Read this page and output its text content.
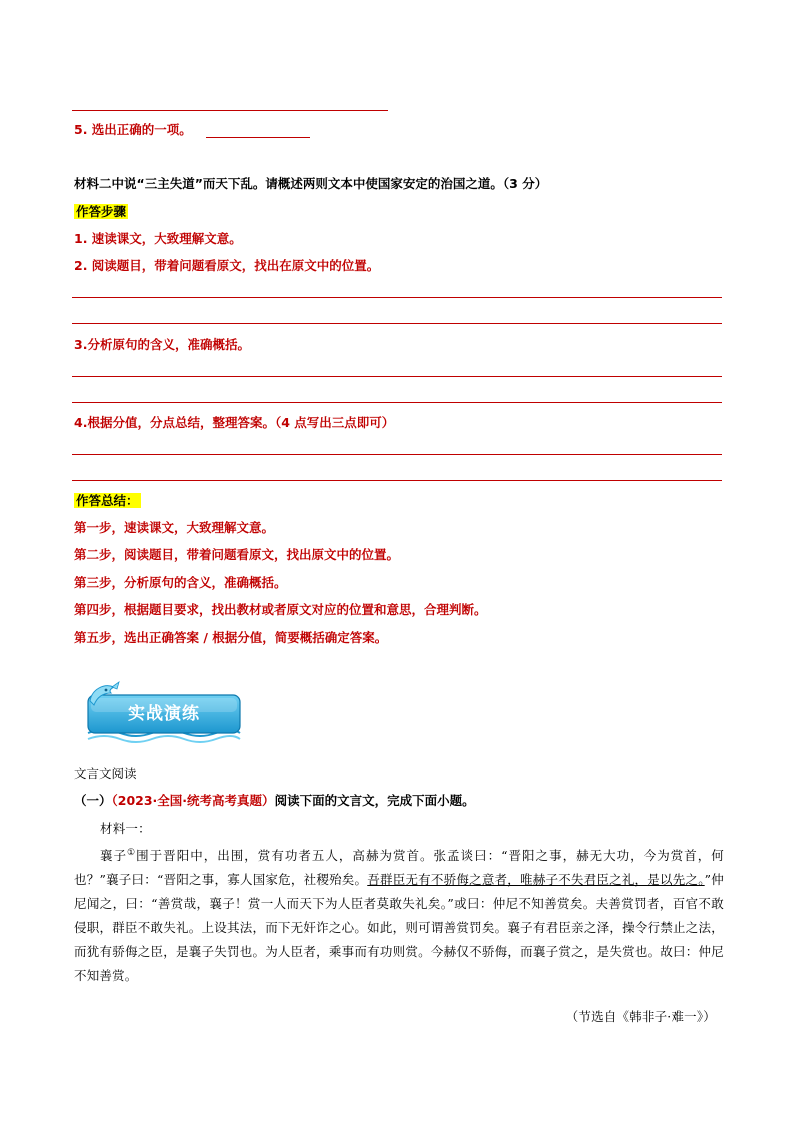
5. 选出正确的一项。
材料二中说“三主失道”而天下乱。请概述两则文本中使国家安定的治国之道。（3 分）
作答步骤
1. 速读课文，大致理解文意。
2. 阅读题目，带着问题看原文，找出在原文中的位置。
3.分析原句的含义，准确概括。
4.根据分值，分点总结，整理答案。（4 点写出三点即可）
作答总结：
第一步，速读课文，大致理解文意。
第二步，阅读题目，带着问题看原文，找出原文中的位置。
第三步，分析原句的含义，准确概括。
第四步，根据题目要求，找出教材或者原文对应的位置和意思，合理判断。
第五步，选出正确答案 / 根据分值，简要概括确定答案。
实战演练
文言文阅读
（一）（2023·全国·统考高考真题）阅读下面的文言文，完成下面小题。
材料一：
襄子①围于晋阳中，出围，赏有功者五人，高赫为赏首。张孟谈曰：“晋阳之事，赫无大功，今为赏首，何也？”襄子曰：“晋阳之事，寡人国家危，社稷殆矣。吾群臣无有不骄侮之意者，唯赫子不失君臣之礼，是以先之。”仲尼闻之，曰：“善赏哉，襄子！赏一人而天下为人臣者莫敢失礼矣。”或曰：仲尼不知善赏矣。夫善赏罚者，百官不敢侵职，群臣不敢失礼。上设其法，而下无奸诈之心。如此，则可谓善赏罚矣。襄子有君臣亲之泽，操令行禁止之法，而犹有骄侮之臣，是襄子失罚也。为人臣者，乘事而有功则赏。今赫仅不骄侮，而襄子赏之，是失赏也。故曰：仲尼不知善赏。
（节选自《韩非子·难一》）
